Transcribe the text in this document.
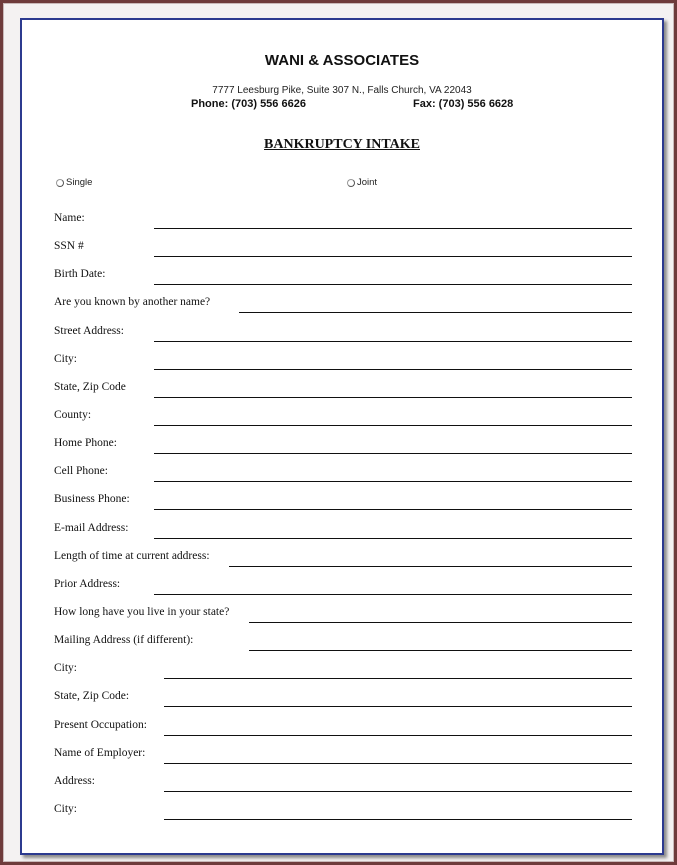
WANI & ASSOCIATES
7777 Leesburg Pike, Suite 307 N., Falls Church, VA 22043
Phone: (703) 556 6626	Fax: (703) 556 6628
BANKRUPTCY INTAKE
Single	Joint
Name:
SSN #
Birth Date:
Are you known by another name?
Street Address:
City:
State, Zip Code
County:
Home Phone:
Cell Phone:
Business Phone:
E-mail Address:
Length of time at current address:
Prior Address:
How long have you live in your state?
Mailing Address (if different):
City:
State, Zip Code:
Present Occupation:
Name of Employer:
Address:
City:
